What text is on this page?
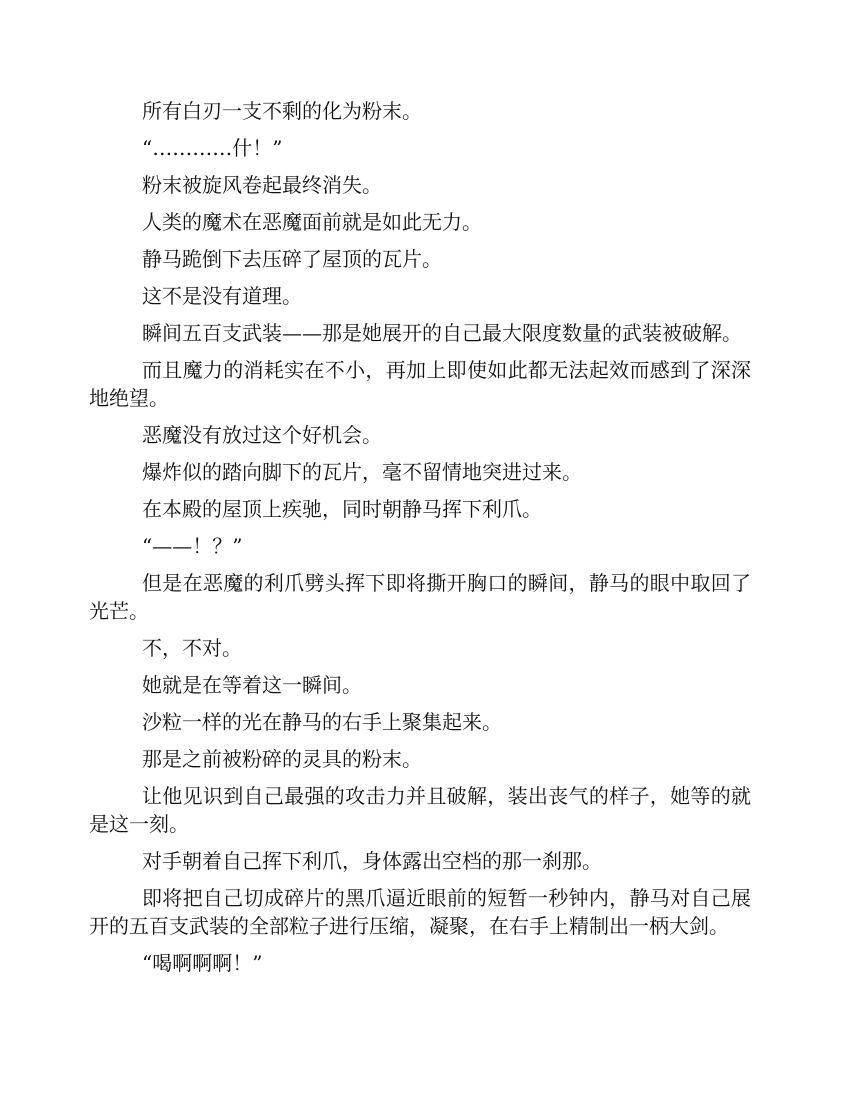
所有白刃一支不剩的化为粉末。

“…………什！”

粉末被旋风卷起最终消失。

人类的魔术在恶魔面前就是如此无力。

静马跪倒下去压碎了屋顶的瓦片。

这不是没有道理。

瞬间五百支武装——那是她展开的自己最大限度数量的武装被破解。

而且魔力的消耗实在不小，再加上即使如此都无法起效而感到了深深地绝望。

恶魔没有放过这个好机会。

爆炸似的踏向脚下的瓦片，毫不留情地突进过来。

在本殿的屋顶上疾驰，同时朝静马挥下利爪。

“——！？”

但是在恶魔的利爪劈头挥下即将撕开胸口的瞬间，静马的眼中取回了光芒。

不，不对。

她就是在等着这一瞬间。

沙粒一样的光在静马的右手上聚集起来。

那是之前被粉碎的灵具的粉末。

让他见识到自己最强的攻击力并且破解，装出丧气的样子，她等的就是这一刻。

对手朝着自己挥下利爪，身体露出空档的那一刹那。

即将把自己切成碎片的黑爪逼近眼前的短暂一秒钟内，静马对自己展开的五百支武装的全部粒子进行压缩，凝聚，在右手上精制出一柄大剑。

“喝啊啊啊！”
